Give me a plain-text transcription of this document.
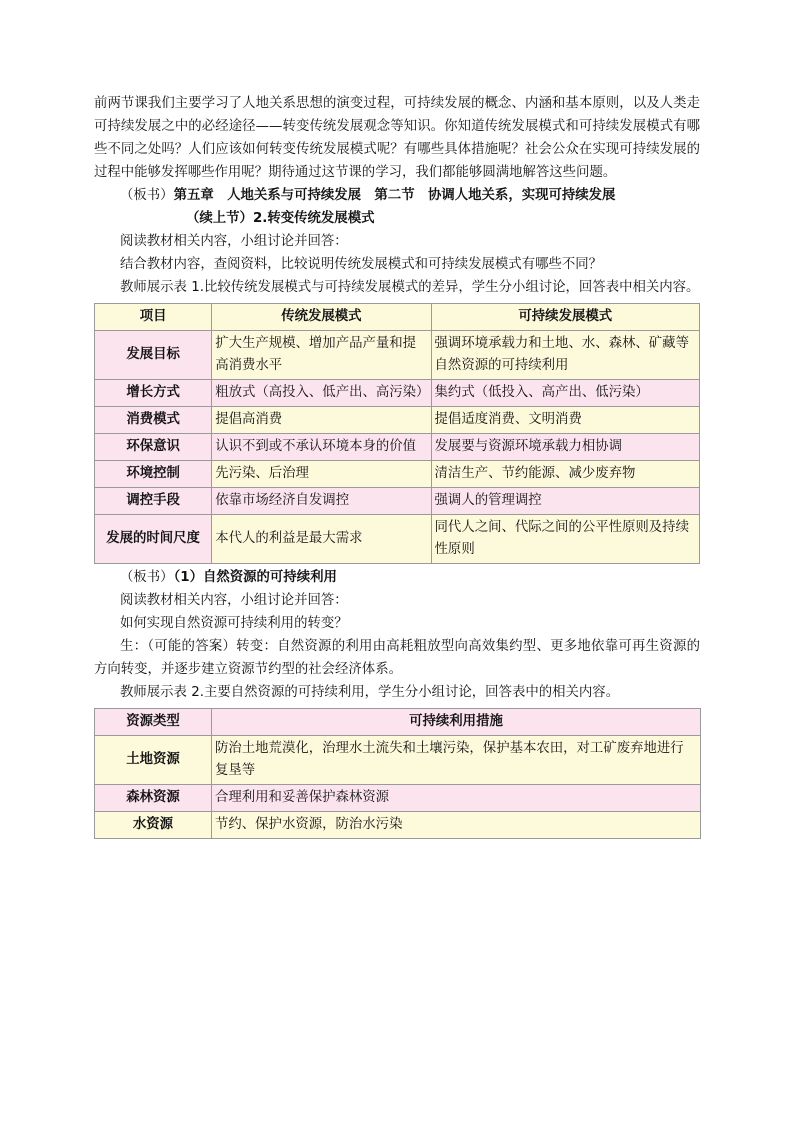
前两节课我们主要学习了人地关系思想的演变过程，可持续发展的概念、内涵和基本原则，以及人类走可持续发展之中的必经途径——转变传统发展观念等知识。你知道传统发展模式和可持续发展模式有哪些不同之处吗？人们应该如何转变传统发展模式呢？有哪些具体措施呢？社会公众在实现可持续发展的过程中能够发挥哪些作用呢？期待通过这节课的学习，我们都能够圆满地解答这些问题。

（板书）第五章　人地关系与可持续发展　第二节　协调人地关系，实现可持续发展

（续上节）2.转变传统发展模式

阅读教材相关内容，小组讨论并回答：

结合教材内容，查阅资料，比较说明传统发展模式和可持续发展模式有哪些不同？

教师展示表 1.比较传统发展模式与可持续发展模式的差异，学生分小组讨论，回答表中相关内容。

项目	传统发展模式	可持续发展模式
发展目标	扩大生产规模、增加产品产量和提高消费水平	强调环境承载力和土地、水、森林、矿藏等自然资源的可持续利用
增长方式	粗放式（高投入、低产出、高污染）	集约式（低投入、高产出、低污染）
消费模式	提倡高消费	提倡适度消费、文明消费
环保意识	认识不到或不承认环境本身的价值	发展要与资源环境承载力相协调
环境控制	先污染、后治理	清洁生产、节约能源、减少废弃物
调控手段	依靠市场经济自发调控	强调人的管理调控
发展的时间尺度	本代人的利益是最大需求	同代人之间、代际之间的公平性原则及持续性原则

（板书）（1）自然资源的可持续利用

阅读教材相关内容，小组讨论并回答：

如何实现自然资源可持续利用的转变？

生：（可能的答案）转变：自然资源的利用由高耗粗放型向高效集约型、更多地依靠可再生资源的方向转变，并逐步建立资源节约型的社会经济体系。

教师展示表 2.主要自然资源的可持续利用，学生分小组讨论，回答表中的相关内容。

资源类型	可持续利用措施
土地资源	防治土地荒漠化，治理水土流失和土壤污染，保护基本农田，对工矿废弃地进行复垦等
森林资源	合理利用和妥善保护森林资源
水资源	节约、保护水资源，防治水污染
